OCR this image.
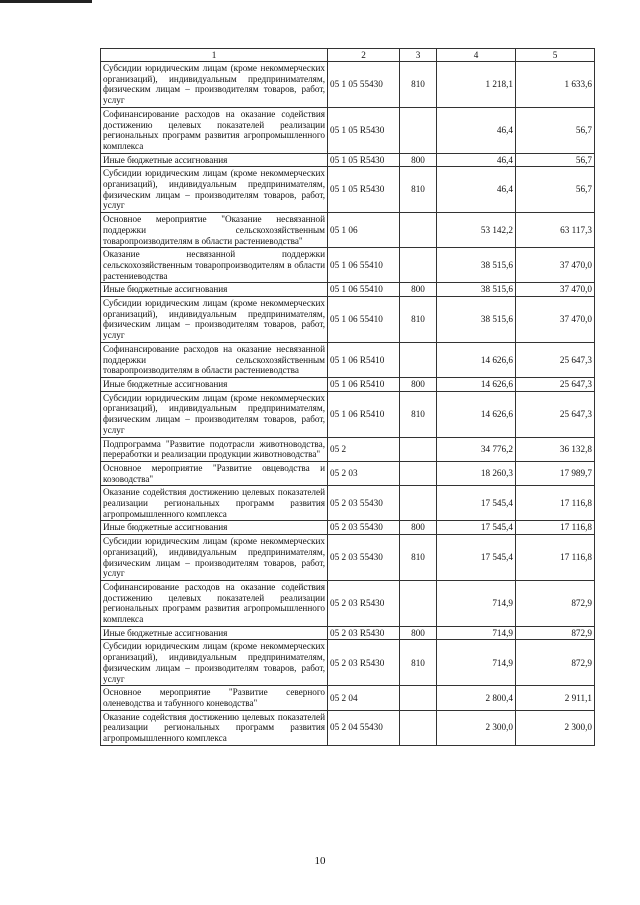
1	2	3	4	5
Субсидии юридическим лицам (кроме некоммерческих организаций), индивидуальным предпринимателям, физическим лицам – производителям товаров, работ, услуг	05 1 05 55430	810	1 218,1	1 633,6
Софинансирование расходов на оказание содействия достижению целевых показателей реализации региональных программ развития агропромышленного комплекса	05 1 05 R5430		46,4	56,7
Иные бюджетные ассигнования	05 1 05 R5430	800	46,4	56,7
Субсидии юридическим лицам (кроме некоммерческих организаций), индивидуальным предпринимателям, физическим лицам – производителям товаров, работ, услуг	05 1 05 R5430	810	46,4	56,7
Основное мероприятие "Оказание несвязанной поддержки сельскохозяйственным товаропроизводителям в области растениеводства"	05 1 06		53 142,2	63 117,3
Оказание несвязанной поддержки сельскохозяйственным товаропроизводителям в области растениеводства	05 1 06 55410		38 515,6	37 470,0
Иные бюджетные ассигнования	05 1 06 55410	800	38 515,6	37 470,0
Субсидии юридическим лицам (кроме некоммерческих организаций), индивидуальным предпринимателям, физическим лицам – производителям товаров, работ, услуг	05 1 06 55410	810	38 515,6	37 470,0
Софинансирование расходов на оказание несвязанной поддержки сельскохозяйственным товаропроизводителям в области растениеводства	05 1 06 R5410		14 626,6	25 647,3
Иные бюджетные ассигнования	05 1 06 R5410	800	14 626,6	25 647,3
Субсидии юридическим лицам (кроме некоммерческих организаций), индивидуальным предпринимателям, физическим лицам – производителям товаров, работ, услуг	05 1 06 R5410	810	14 626,6	25 647,3
Подпрограмма "Развитие подотрасли животноводства, переработки и реализации продукции животноводства"	05 2		34 776,2	36 132,8
Основное мероприятие "Развитие овцеводства и козоводства"	05 2 03		18 260,3	17 989,7
Оказание содействия достижению целевых показателей реализации региональных программ развития агропромышленного комплекса	05 2 03 55430		17 545,4	17 116,8
Иные бюджетные ассигнования	05 2 03 55430	800	17 545,4	17 116,8
Субсидии юридическим лицам (кроме некоммерческих организаций), индивидуальным предпринимателям, физическим лицам – производителям товаров, работ, услуг	05 2 03 55430	810	17 545,4	17 116,8
Софинансирование расходов на оказание содействия достижению целевых показателей реализации региональных программ развития агропромышленного комплекса	05 2 03 R5430		714,9	872,9
Иные бюджетные ассигнования	05 2 03 R5430	800	714,9	872,9
Субсидии юридическим лицам (кроме некоммерческих организаций), индивидуальным предпринимателям, физическим лицам – производителям товаров, работ, услуг	05 2 03 R5430	810	714,9	872,9
Основное мероприятие "Развитие северного оленеводства и табунного коневодства"	05 2 04		2 800,4	2 911,1
Оказание содействия достижению целевых показателей реализации региональных программ развития агропромышленного комплекса	05 2 04 55430		2 300,0	2 300,0
10
